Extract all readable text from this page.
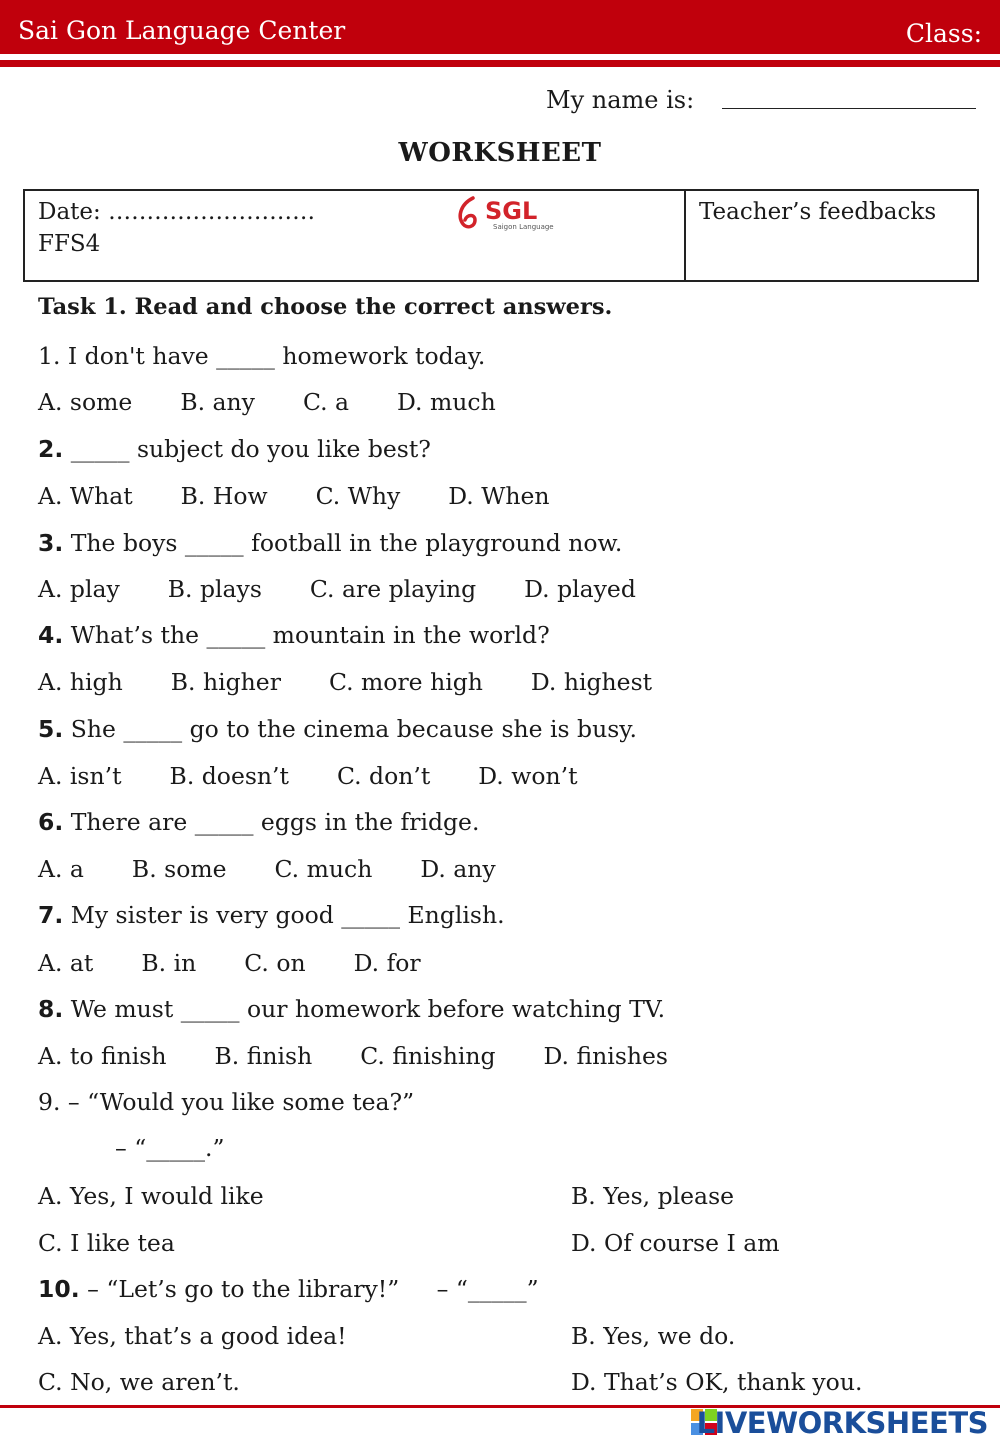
Sai Gon Language Center	Class:
My name is:
WORKSHEET
Date: ………………………
FFS4
SGL
Saigon Language
Teacher’s feedbacks
Task 1. Read and choose the correct answers.
1. I don't have _____ homework today.
A. some B. any C. a D. much
2. _____ subject do you like best?
A. What B. How C. Why D. When
3. The boys _____ football in the playground now.
A. play B. plays C. are playing D. played
4. What’s the _____ mountain in the world?
A. high B. higher C. more high D. highest
5. She _____ go to the cinema because she is busy.
A. isn’t B. doesn’t C. don’t D. won’t
6. There are _____ eggs in the fridge.
A. a B. some C. much D. any
7. My sister is very good _____ English.
A. at B. in C. on D. for
8. We must _____ our homework before watching TV.
A. to finish B. finish C. finishing D. finishes
9. – “Would you like some tea?”
– “_____.”
A. Yes, I would like	B. Yes, please
C. I like tea	D. Of course I am
10. – “Let’s go to the library!”     – “_____”
A. Yes, that’s a good idea!	B. Yes, we do.
C. No, we aren’t.	D. That’s OK, thank you.
LIVEWORKSHEETS
